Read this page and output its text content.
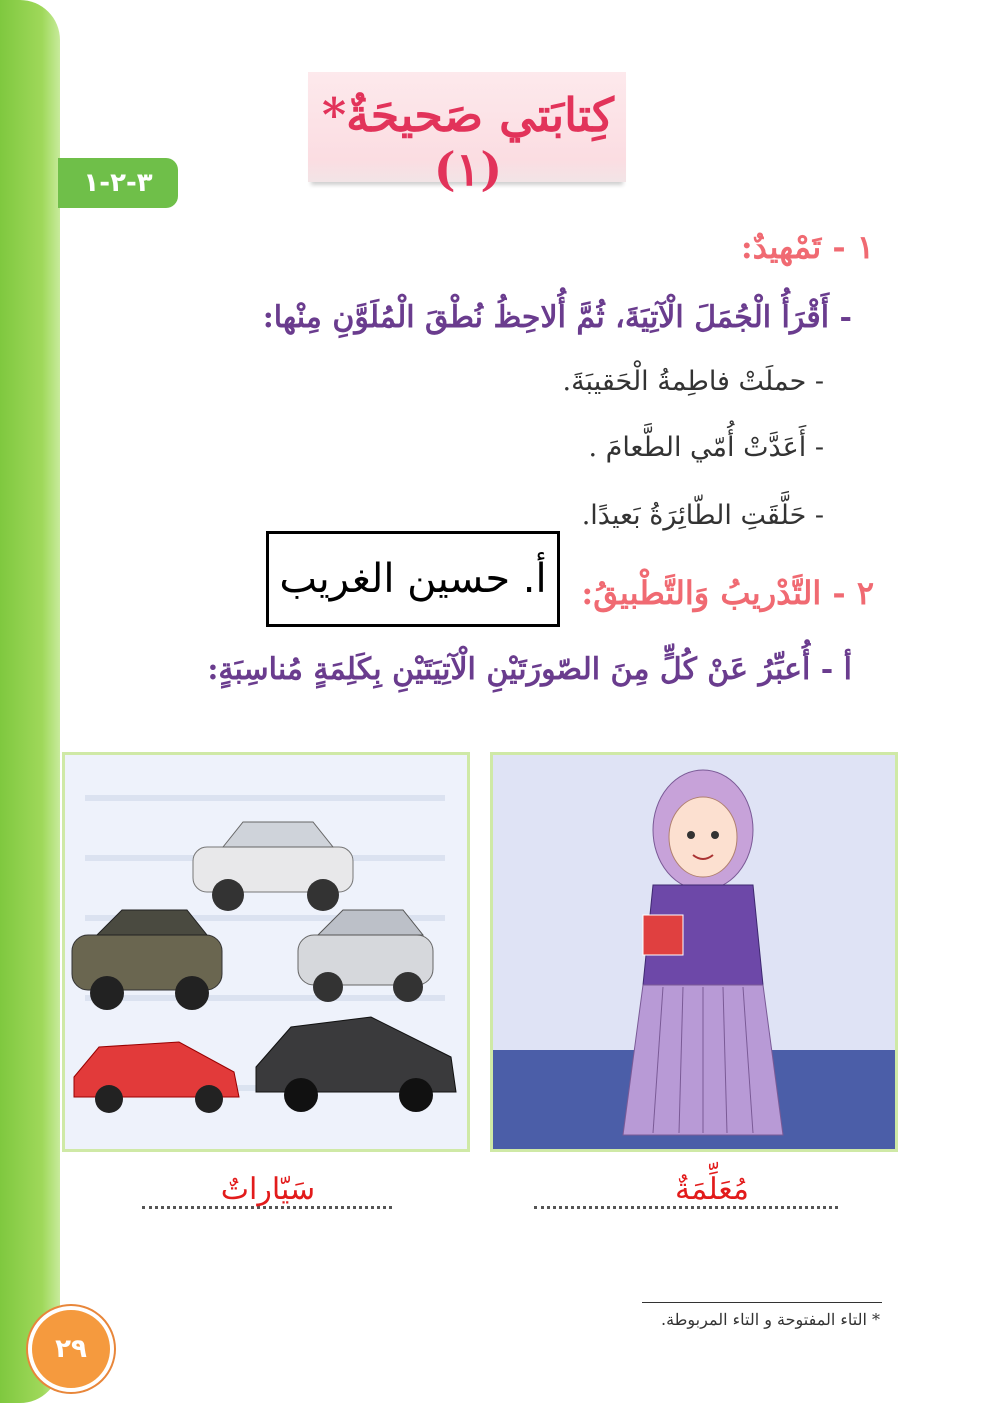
كِتابَتي صَحيحَةٌ* (١)
٣-٢-١
١ - تَمْهيدٌ:
- أَقْرَأُ الْجُمَلَ الْآتِيَةَ، ثُمَّ أُلاحِظُ نُطْقَ الْمُلَوَّنِ مِنْها:
- حملَتْ فاطِمةُ الْحَقيبَةَ.
- أَعَدَّتْ أُمّي الطَّعامَ .
- حَلَّقَتِ الطّائِرَةُ بَعيدًا.
أ. حسين الغريب	٢ - التَّدْريبُ وَالتَّطْبيقُ:
أ - أُعبِّرُ عَنْ كُلٍّ مِنَ الصّورَتَيْنِ الْآتِيَتَيْنِ بِكَلِمَةٍ مُناسِبَةٍ:
سَيّاراتٌ	مُعَلِّمَةٌ
* التاء المفتوحة و التاء المربوطة.
٢٩
